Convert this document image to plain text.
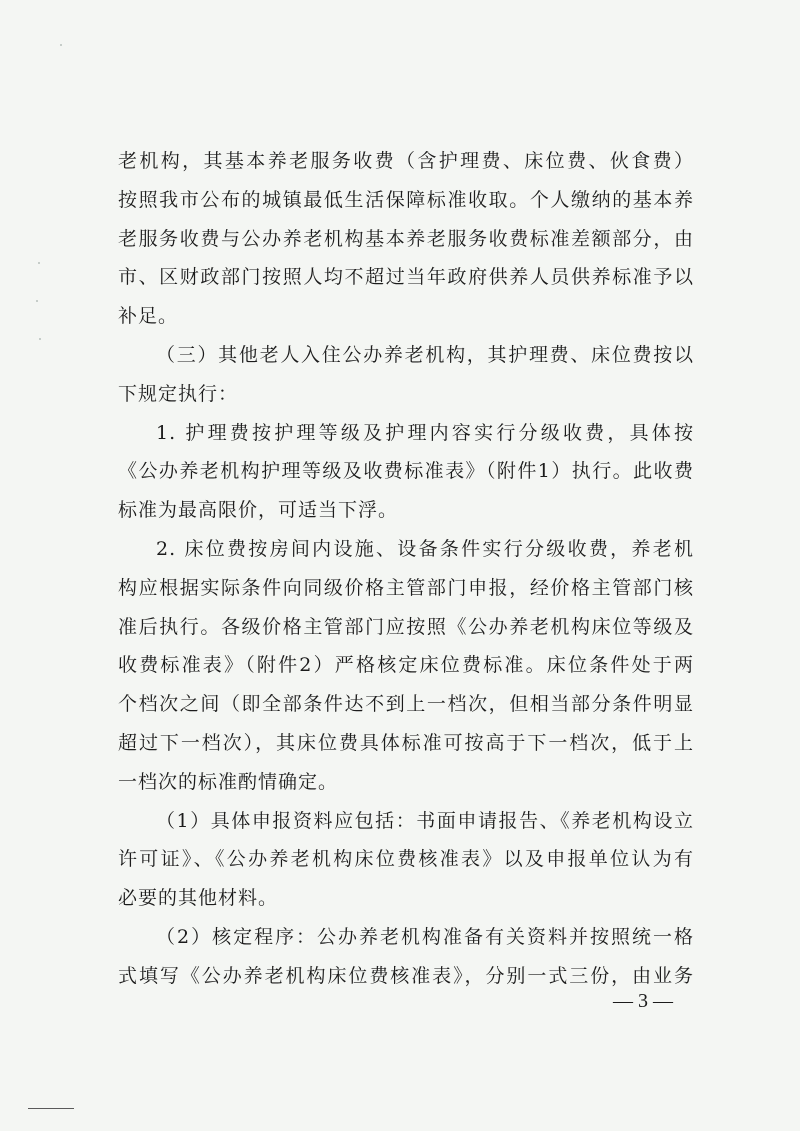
老机构，其基本养老服务收费（含护理费、床位费、伙食费）
按照我市公布的城镇最低生活保障标准收取。个人缴纳的基本养
老服务收费与公办养老机构基本养老服务收费标准差额部分，由
市、区财政部门按照人均不超过当年政府供养人员供养标准予以
补足。
（三）其他老人入住公办养老机构，其护理费、床位费按以
下规定执行：
1. 护理费按护理等级及护理内容实行分级收费，具体按
《公办养老机构护理等级及收费标准表》（附件1）执行。此收费
标准为最高限价，可适当下浮。
2. 床位费按房间内设施、设备条件实行分级收费，养老机
构应根据实际条件向同级价格主管部门申报，经价格主管部门核
准后执行。各级价格主管部门应按照《公办养老机构床位等级及
收费标准表》（附件2）严格核定床位费标准。床位条件处于两
个档次之间（即全部条件达不到上一档次，但相当部分条件明显
超过下一档次），其床位费具体标准可按高于下一档次，低于上
一档次的标准酌情确定。
（1）具体申报资料应包括：书面申请报告、《养老机构设立
许可证》、《公办养老机构床位费核准表》以及申报单位认为有
必要的其他材料。
（2）核定程序：公办养老机构准备有关资料并按照统一格
式填写《公办养老机构床位费核准表》，分别一式三份，由业务
— 3 —
